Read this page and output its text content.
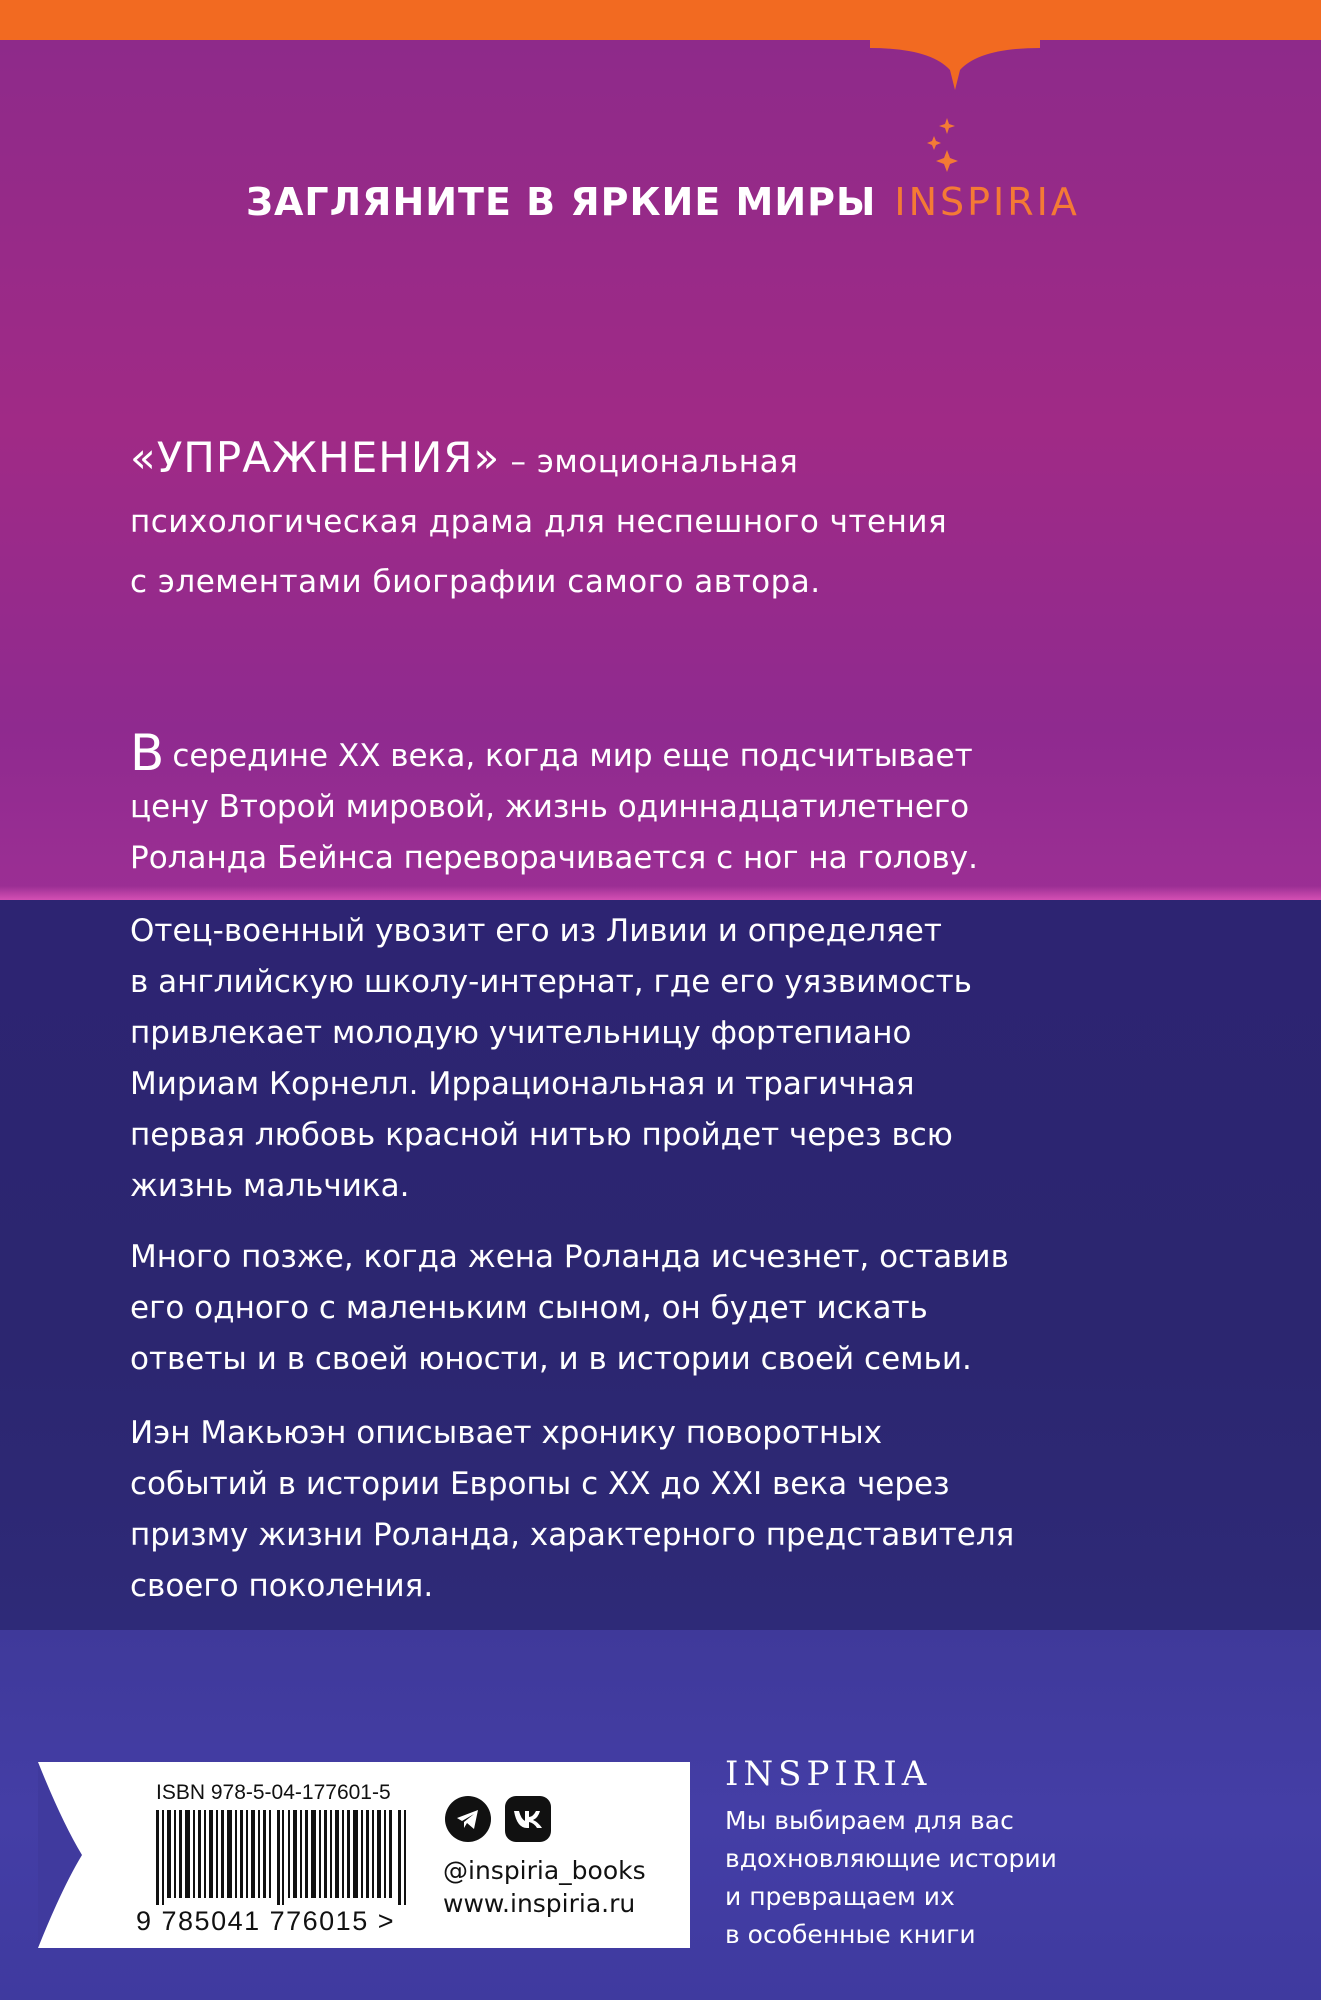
ЗАГЛЯНИТЕ В ЯРКИЕ МИРЫ INSPIRIA
«УПРАЖНЕНИЯ» – эмоциональная
психологическая драма для неспешного чтения
с элементами биографии самого автора.

Всередине XX века, когда мир еще подсчитывает

цену Второй мировой, жизнь одиннадцатилетнего

Роланда Бейнса переворачивается с ног на голову.

Отец-военный увозит его из Ливии и определяет

в английскую школу-интернат, где его уязвимость

привлекает молодую учительницу фортепиано

Мириам Корнелл. Иррациональная и трагичная

первая любовь красной нитью пройдет через всю

жизнь мальчика.

Много позже, когда жена Роланда исчезнет, оставив

его одного с маленьким сыном, он будет искать

ответы и в своей юности, и в истории своей семьи.

Иэн Макьюэн описывает хронику поворотных

событий в истории Европы с XX до XXI века через

призму жизни Роланда, характерного представителя

своего поколения.

ISBN 978-5-04-177601-5
9 785041 776015 >
@inspiria_books
www.inspiria.ru
INSPIRIA
Мы выбираем для вас
вдохновляющие истории
и превращаем их
в особенные книги
